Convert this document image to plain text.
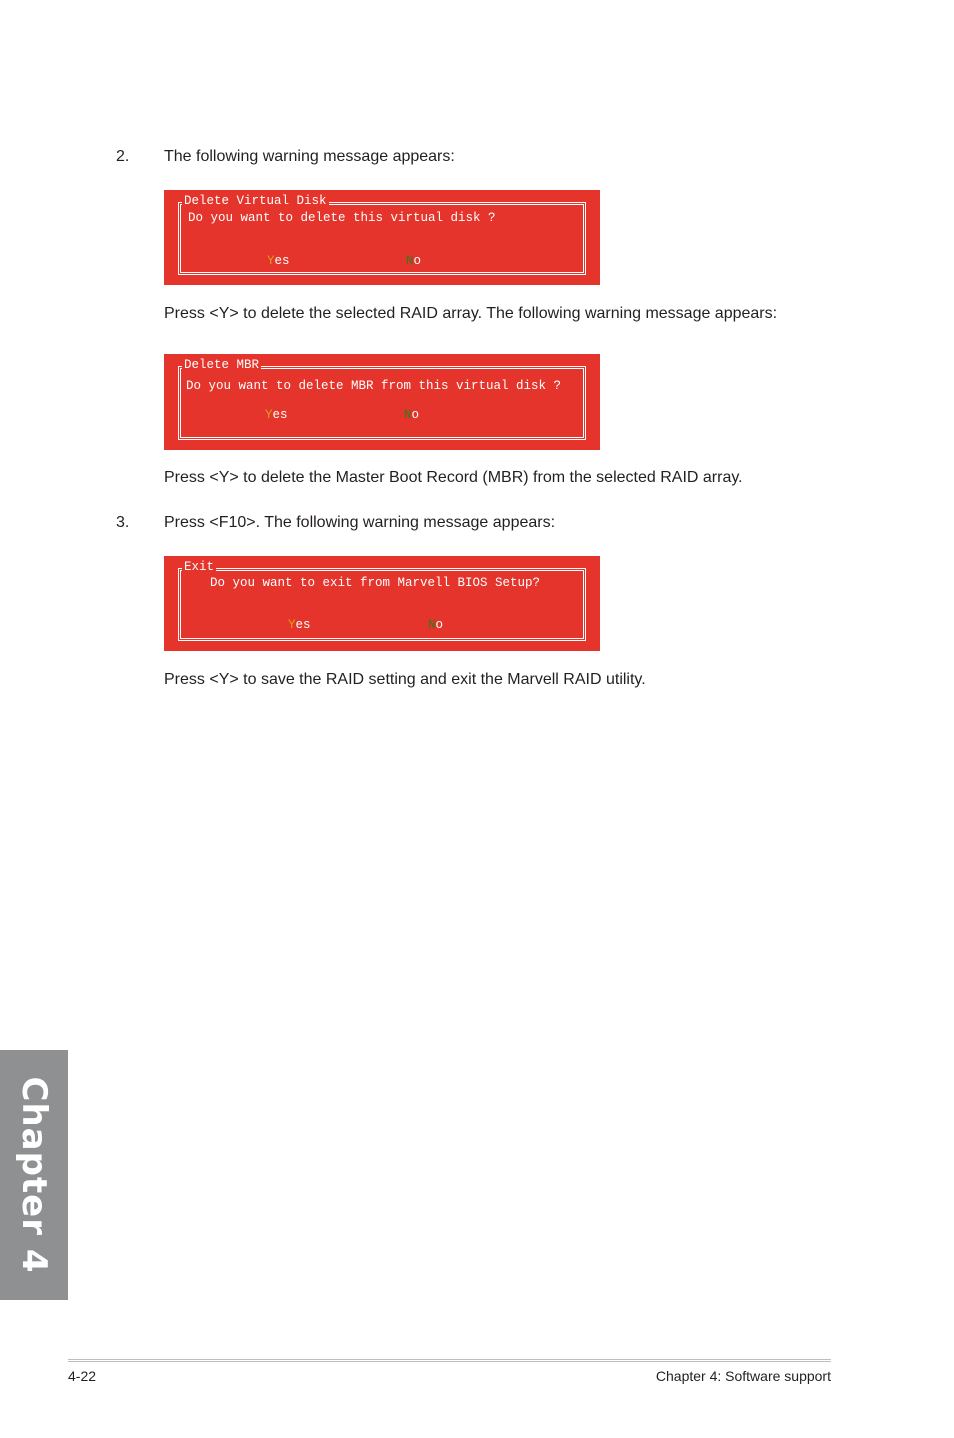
2. The following warning message appears:
Delete Virtual Disk
Do you want to delete this virtual disk ?
Yes	No
Press <Y> to delete the selected RAID array. The following warning message appears:
Delete MBR
Do you want to delete MBR from this virtual disk ?
Yes	No
Press <Y> to delete the Master Boot Record (MBR) from the selected RAID array.
3. Press <F10>. The following warning message appears:
Exit
Do you want to exit from Marvell BIOS Setup?
Yes	No
Press <Y> to save the RAID setting and exit the Marvell RAID utility.
Chapter 4
4-22	Chapter 4: Software support
